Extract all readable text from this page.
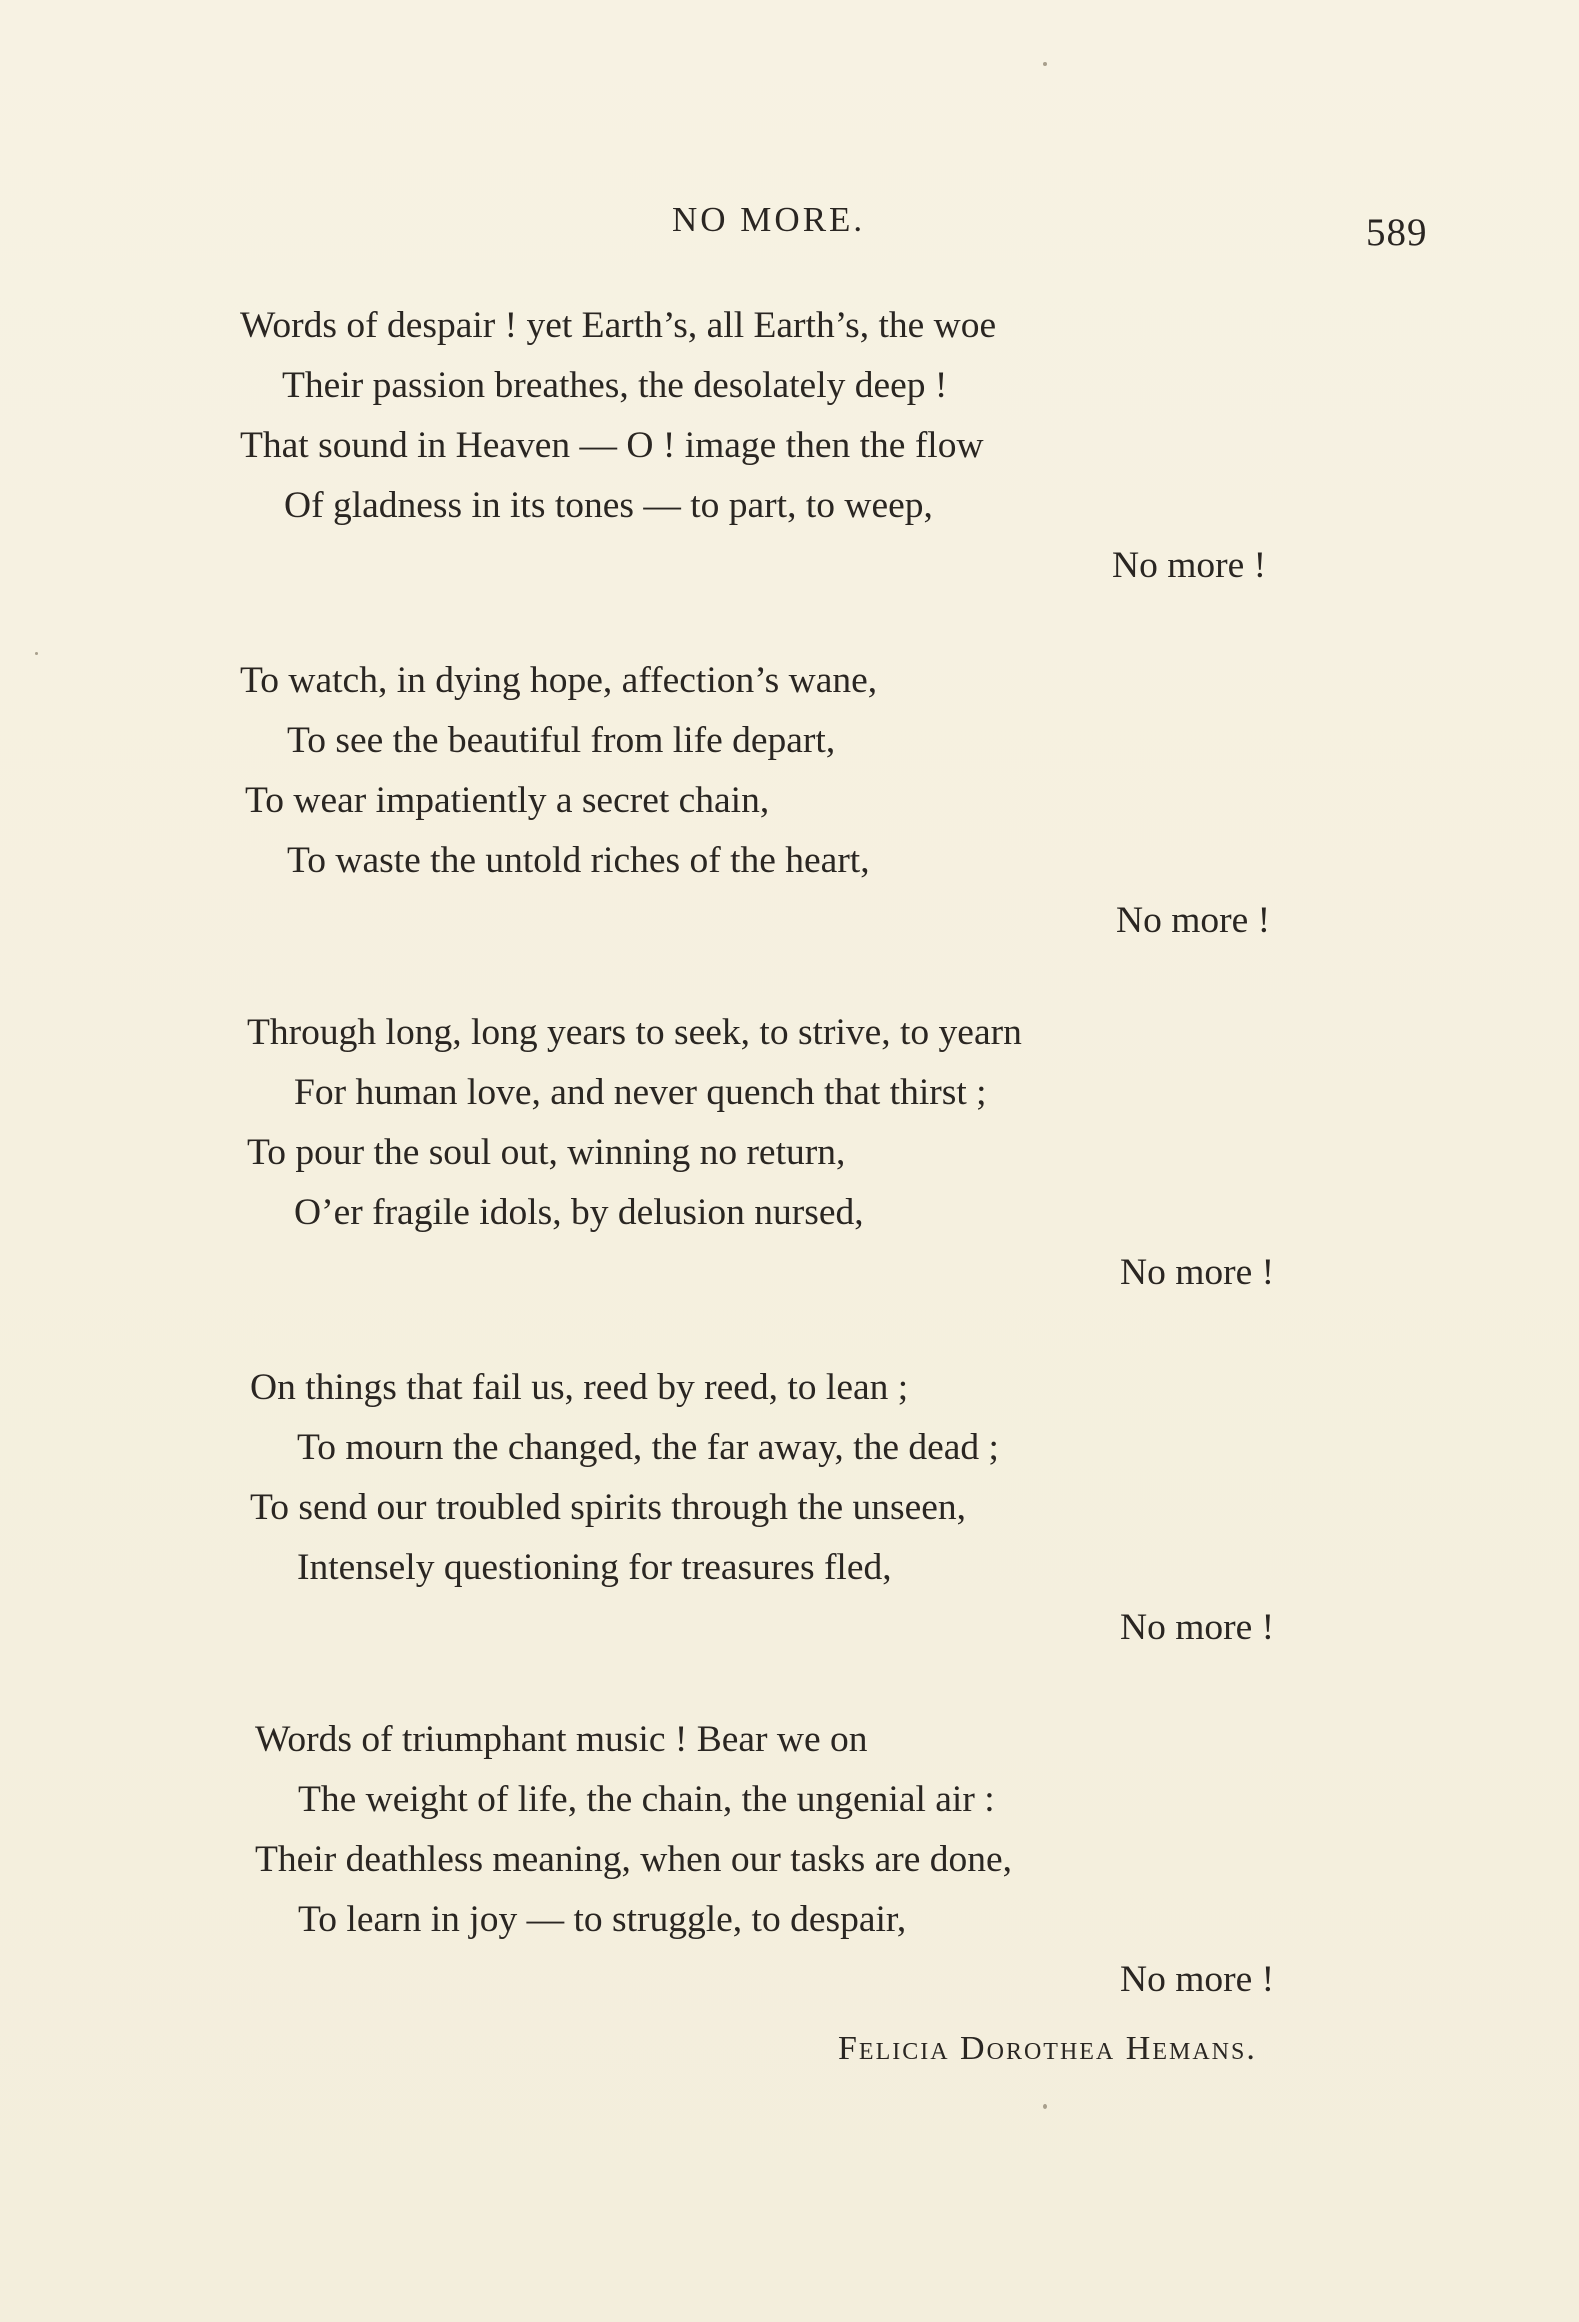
NO MORE.	589
Words of despair ! yet Earth’s, all Earth’s, the woe
Their passion breathes, the desolately deep !
That sound in Heaven — O ! image then the flow
Of gladness in its tones — to part, to weep,
No more !
To watch, in dying hope, affection’s wane,
To see the beautiful from life depart,
To wear impatiently a secret chain,
To waste the untold riches of the heart,
No more !
Through long, long years to seek, to strive, to yearn
For human love, and never quench that thirst ;
To pour the soul out, winning no return,
O’er fragile idols, by delusion nursed,
No more !
On things that fail us, reed by reed, to lean ;
To mourn the changed, the far away, the dead ;
To send our troubled spirits through the unseen,
Intensely questioning for treasures fled,
No more !
Words of triumphant music ! Bear we on
The weight of life, the chain, the ungenial air :
Their deathless meaning, when our tasks are done,
To learn in joy — to struggle, to despair,
No more !
Felicia Dorothea Hemans.
